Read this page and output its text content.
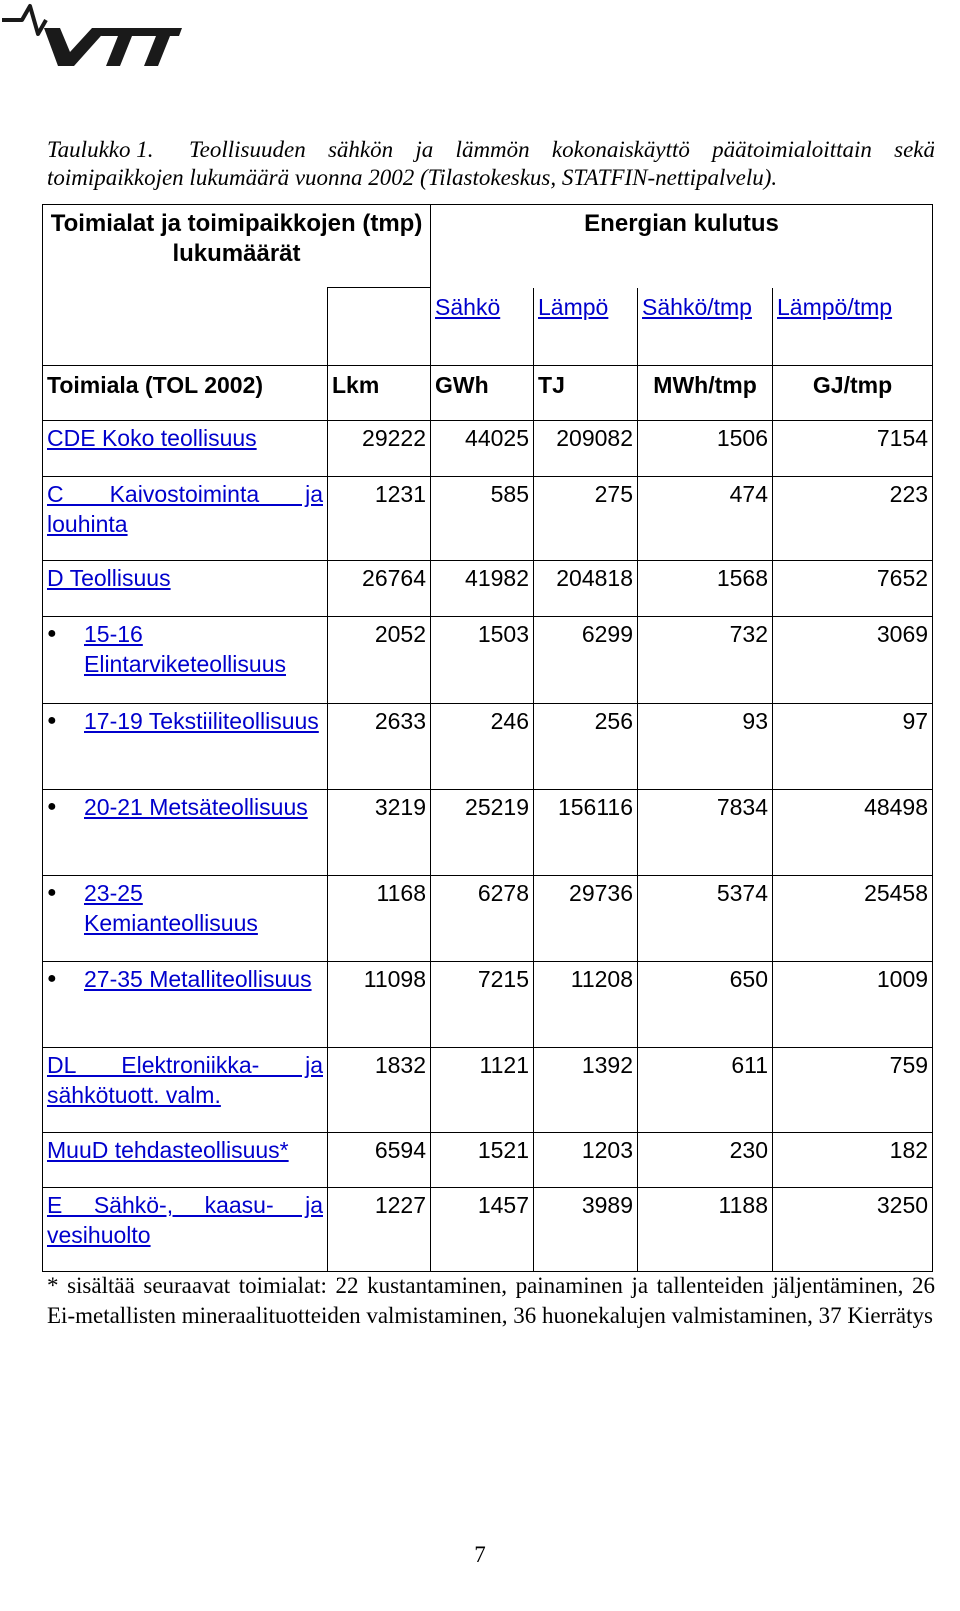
Taulukko 1. Teollisuuden sähkön ja lämmön kokonaiskäyttö päätoimialoittain sekä toimipaikkojen lukumäärä vuonna 2002 (Tilastokeskus, STATFIN-nettipalvelu).
Toimialat ja toimipaikkojen (tmp) lukumäärät		Energian kulutus			
		Sähkö	Lämpö	Sähkö/tmp	Lämpö/tmp
Toimiala (TOL 2002)	Lkm	GWh	TJ	MWh/tmp	GJ/tmp
CDE Koko teollisuus	29222	44025	209082	1506	7154
C Kaivostoiminta ja louhinta	1231	585	275	474	223
D Teollisuus	26764	41982	204818	1568	7652

● 15-16 Elintarviketeollisuus	2052	1503	6299	732	3069

● 17-19 Tekstiiliteollisuus	2633	246	256	93	97

● 20-21 Metsäteollisuus	3219	25219	156116	7834	48498

● 23-25 Kemianteollisuus	1168	6278	29736	5374	25458

● 27-35 Metalliteollisuus	11098	7215	11208	650	1009
DL Elektroniikka- ja sähkötuott. valm.	1832	1121	1392	611	759
MuuD tehdasteollisuus*	6594	1521	1203	230	182
E Sähkö-, kaasu- ja vesihuolto	1227	1457	3989	1188	3250
* sisältää seuraavat toimialat: 22 kustantaminen, painaminen ja tallenteiden jäljentäminen, 26 Ei-metallisten mineraalituotteiden valmistaminen, 36 huonekalujen valmistaminen, 37 Kierrätys
7
